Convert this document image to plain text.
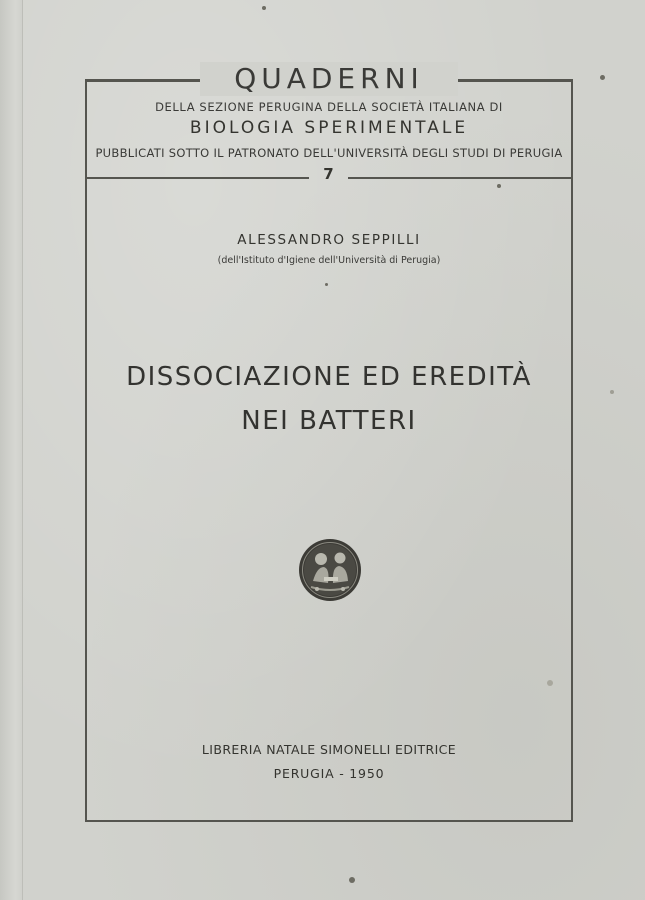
QUADERNI
DELLA SEZIONE PERUGINA DELLA SOCIETÀ ITALIANA DI
BIOLOGIA SPERIMENTALE
PUBBLICATI SOTTO IL PATRONATO DELL'UNIVERSITÀ DEGLI STUDI DI PERUGIA
7
ALESSANDRO SEPPILLI
(dell'Istituto d'Igiene dell'Università di Perugia)
DISSOCIAZIONE ED EREDITÀ
NEI BATTERI
LIBRERIA NATALE SIMONELLI EDITRICE
PERUGIA - 1950
